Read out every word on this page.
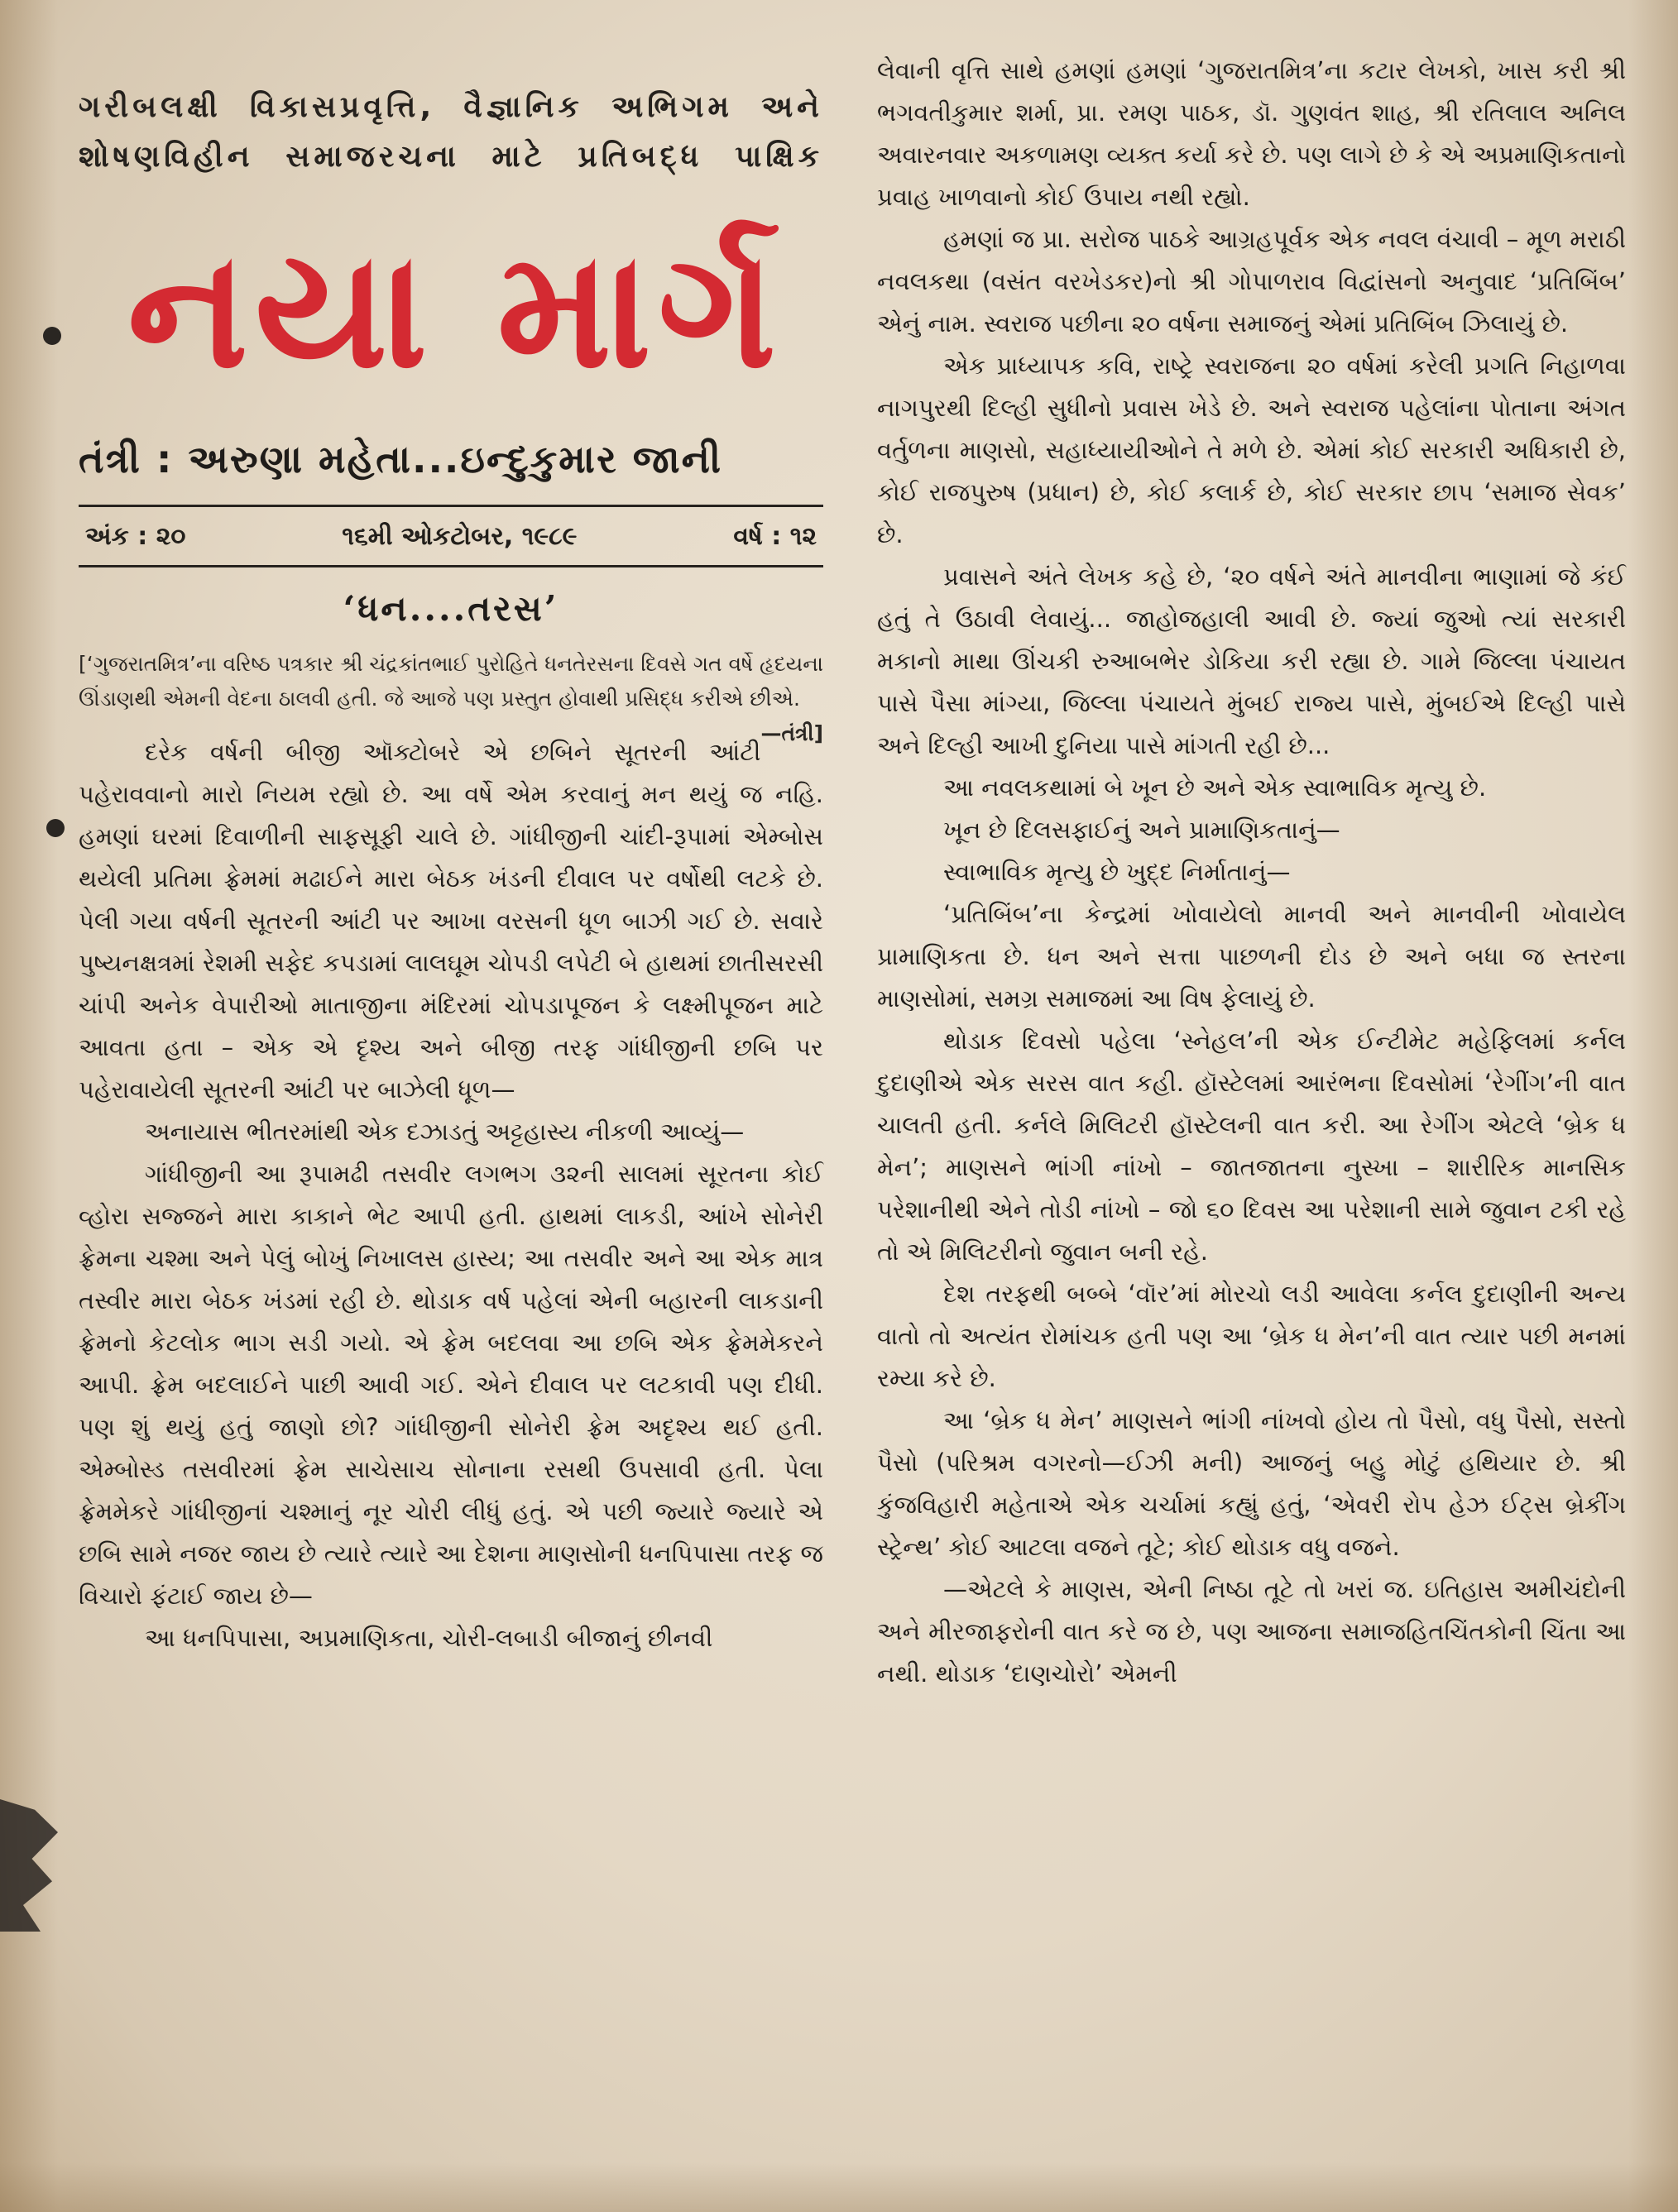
ગરીબલક્ષી વિકાસપ્રવૃત્તિ, વૈજ્ઞાનિક અભિગમ અને શોષણવિહીન સમાજરચના માટે પ્રતિબદ્ધ પાક્ષિક
નયા માર્ગ
તંત્રી : અરુણા મહેતા...ઇન્દુકુમાર જાની
અંક : ૨૦	૧૬મી ઓકટોબર, ૧૯૮૯	વર્ષ : ૧૨
‘ધન....તરસ’
[‘ગુજરાતમિત્ર’ના વરિષ્ઠ પત્રકાર શ્રી ચંદ્રકાંતભાઈ પુરોહિતે ધનતેરસના દિવસે ગત વર્ષે હૃદયના ઊંડાણથી એમની વેદના ઠાલવી હતી. જે આજે પણ પ્રસ્તુત હોવાથી પ્રસિદ્ધ કરીએ છીએ.
—તંત્રી]

દરેક વર્ષની બીજી ઑક્ટોબરે એ છબિને સૂતરની આંટી પહેરાવવાનો મારો નિયમ રહ્યો છે. આ વર્ષે એમ કરવાનું મન થયું જ નહિ. હમણાં ઘરમાં દિવાળીની સાફસૂફી ચાલે છે. ગાંધીજીની ચાંદી-રૂપામાં એમ્બોસ થયેલી પ્રતિમા ફ્રેમમાં મઢાઈને મારા બેઠક ખંડની દીવાલ પર વર્ષોથી લટકે છે. પેલી ગયા વર્ષની સૂતરની આંટી પર આખા વરસની ધૂળ બાઝી ગઈ છે. સવારે પુષ્યનક્ષત્રમાં રેશમી સફેદ કપડામાં લાલઘૂમ ચોપડી લપેટી બે હાથમાં છાતીસરસી ચાંપી અનેક વેપારીઓ માતાજીના મંદિરમાં ચોપડાપૂજન કે લક્ષ્મીપૂજન માટે આવતા હતા – એક એ દૃશ્ય અને બીજી તરફ ગાંધીજીની છબિ પર પહેરાવાયેલી સૂતરની આંટી પર બાઝેલી ધૂળ—

અનાયાસ ભીતરમાંથી એક દઝાડતું અટ્ટહાસ્ય નીકળી આવ્યું—

ગાંધીજીની આ રૂપામઢી તસવીર લગભગ ૩૨ની સાલમાં સૂરતના કોઈ વ્હોરા સજ્જને મારા કાકાને ભેટ આપી હતી. હાથમાં લાકડી, આંખે સોનેરી ફ્રેમના ચશ્મા અને પેલું બોખું નિખાલસ હાસ્ય; આ તસવીર અને આ એક માત્ર તસ્વીર મારા બેઠક ખંડમાં રહી છે. થોડાક વર્ષ પહેલાં એની બહારની લાકડાની ફ્રેમનો કેટલોક ભાગ સડી ગયો. એ ફ્રેમ બદલવા આ છબિ એક ફ્રેમમેકરને આપી. ફ્રેમ બદલાઈને પાછી આવી ગઈ. એને દીવાલ પર લટકાવી પણ દીધી. પણ શું થયું હતું જાણો છો? ગાંધીજીની સોનેરી ફ્રેમ અદૃશ્ય થઈ હતી. એમ્બોસ્ડ તસવીરમાં ફ્રેમ સાચેસાચ સોનાના રસથી ઉપસાવી હતી. પેલા ફ્રેમમેકરે ગાંધીજીનાં ચશ્માનું નૂર ચોરી લીધું હતું. એ પછી જ્યારે જ્યારે એ છબિ સામે નજર જાય છે ત્યારે ત્યારે આ દેશના માણસોની ધનપિપાસા તરફ જ વિચારો ફંટાઈ જાય છે—

આ ધનપિપાસા, અપ્રમાણિકતા, ચોરી-લબાડી બીજાનું છીનવી

લેવાની વૃત્તિ સાથે હમણાં હમણાં ‘ગુજરાતમિત્ર’ના કટાર લેખકો, ખાસ કરી શ્રી ભગવતીકુમાર શર્મા, પ્રા. રમણ પાઠક, ડૉ. ગુણવંત શાહ, શ્રી રતિલાલ અનિલ અવારનવાર અકળામણ વ્યક્ત કર્યા કરે છે. પણ લાગે છે કે એ અપ્રમાણિકતાનો પ્રવાહ ખાળવાનો કોઈ ઉપાય નથી રહ્યો.

હમણાં જ પ્રા. સરોજ પાઠકે આગ્રહપૂર્વક એક નવલ વંચાવી – મૂળ મરાઠી નવલકથા (વસંત વરખેડકર)નો શ્રી ગોપાળરાવ વિદ્વાંસનો અનુવાદ ‘પ્રતિબિંબ’ એનું નામ. સ્વરાજ પછીના ૨૦ વર્ષના સમાજનું એમાં પ્રતિબિંબ ઝિલાયું છે.

એક પ્રાધ્યાપક કવિ, રાષ્ટ્રે સ્વરાજના ૨૦ વર્ષમાં કરેલી પ્રગતિ નિહાળવા નાગપુરથી દિલ્હી સુધીનો પ્રવાસ ખેડે છે. અને સ્વરાજ પહેલાંના પોતાના અંગત વર્તુળના માણસો, સહાધ્યાયીઓને તે મળે છે. એમાં કોઈ સરકારી અધિકારી છે, કોઈ રાજપુરુષ (પ્રધાન) છે, કોઈ કલાર્ક છે, કોઈ સરકાર છાપ ‘સમાજ સેવક’ છે.

પ્રવાસને અંતે લેખક કહે છે, ‘૨૦ વર્ષને અંતે માનવીના ભાણામાં જે કંઈ હતું તે ઉઠાવી લેવાયું... જાહોજહાલી આવી છે. જ્યાં જુઓ ત્યાં સરકારી મકાનો માથા ઊંચકી રુઆબભેર ડોકિયા કરી રહ્યા છે. ગામે જિલ્લા પંચાયત પાસે પૈસા માંગ્યા, જિલ્લા પંચાયતે મુંબઈ રાજ્ય પાસે, મુંબઈએ દિલ્હી પાસે અને દિલ્હી આખી દુનિયા પાસે માંગતી રહી છે...

આ નવલકથામાં બે ખૂન છે અને એક સ્વાભાવિક મૃત્યુ છે.

ખૂન છે દિલસફાઈનું અને પ્રામાણિકતાનું—

સ્વાભાવિક મૃત્યુ છે ખુદ્દ નિર્માતાનું—

‘પ્રતિબિંબ’ના કેન્દ્રમાં ખોવાયેલો માનવી અને માનવીની ખોવાયેલ પ્રામાણિકતા છે. ધન અને સત્તા પાછળની દોડ છે અને બધા જ સ્તરના માણસોમાં, સમગ્ર સમાજમાં આ વિષ ફેલાયું છે.

થોડાક દિવસો પહેલા ‘સ્નેહલ’ની એક ઈન્ટીમેટ મહેફિલમાં કર્નલ દુદાણીએ એક સરસ વાત કહી. હૉસ્ટેલમાં આરંભના દિવસોમાં ‘રેગીંગ’ની વાત ચાલતી હતી. કર્નલે મિલિટરી હૉસ્ટેલની વાત કરી. આ રેગીંગ એટલે ‘બ્રેક ધ મેન’; માણસને ભાંગી નાંખો – જાતજાતના નુસ્ખા – શારીરિક માનસિક પરેશાનીથી એને તોડી નાંખો – જો ૬૦ દિવસ આ પરેશાની સામે જુવાન ટકી રહે તો એ મિલિટરીનો જુવાન બની રહે.

દેશ તરફથી બબ્બે ‘વૉર’માં મોરચો લડી આવેલા કર્નલ દુદાણીની અન્ય વાતો તો અત્યંત રોમાંચક હતી પણ આ ‘બ્રેક ધ મેન’ની વાત ત્યાર પછી મનમાં રમ્યા કરે છે.

આ ‘બ્રેક ધ મેન’ માણસને ભાંગી નાંખવો હોય તો પૈસો, વધુ પૈસો, સસ્તો પૈસો (પરિશ્રમ વગરનો—ઈઝી મની) આજનું બહુ મોટું હથિયાર છે. શ્રી કુંજવિહારી મહેતાએ એક ચર્ચામાં કહ્યું હતું, ‘એવરી રોપ હેઝ ઈટ્સ બ્રેકીંગ સ્ટ્રેન્થ’ કોઈ આટલા વજને તૂટે; કોઈ થોડાક વધુ વજને.

—એટલે કે માણસ, એની નિષ્ઠા તૂટે તો ખરાં જ. ઇતિહાસ અમીચંદોની અને મીરજાફરોની વાત કરે જ છે, પણ આજના સમાજહિતચિંતકોની ચિંતા આ નથી. થોડાક ‘દાણચોરો’ એમની
